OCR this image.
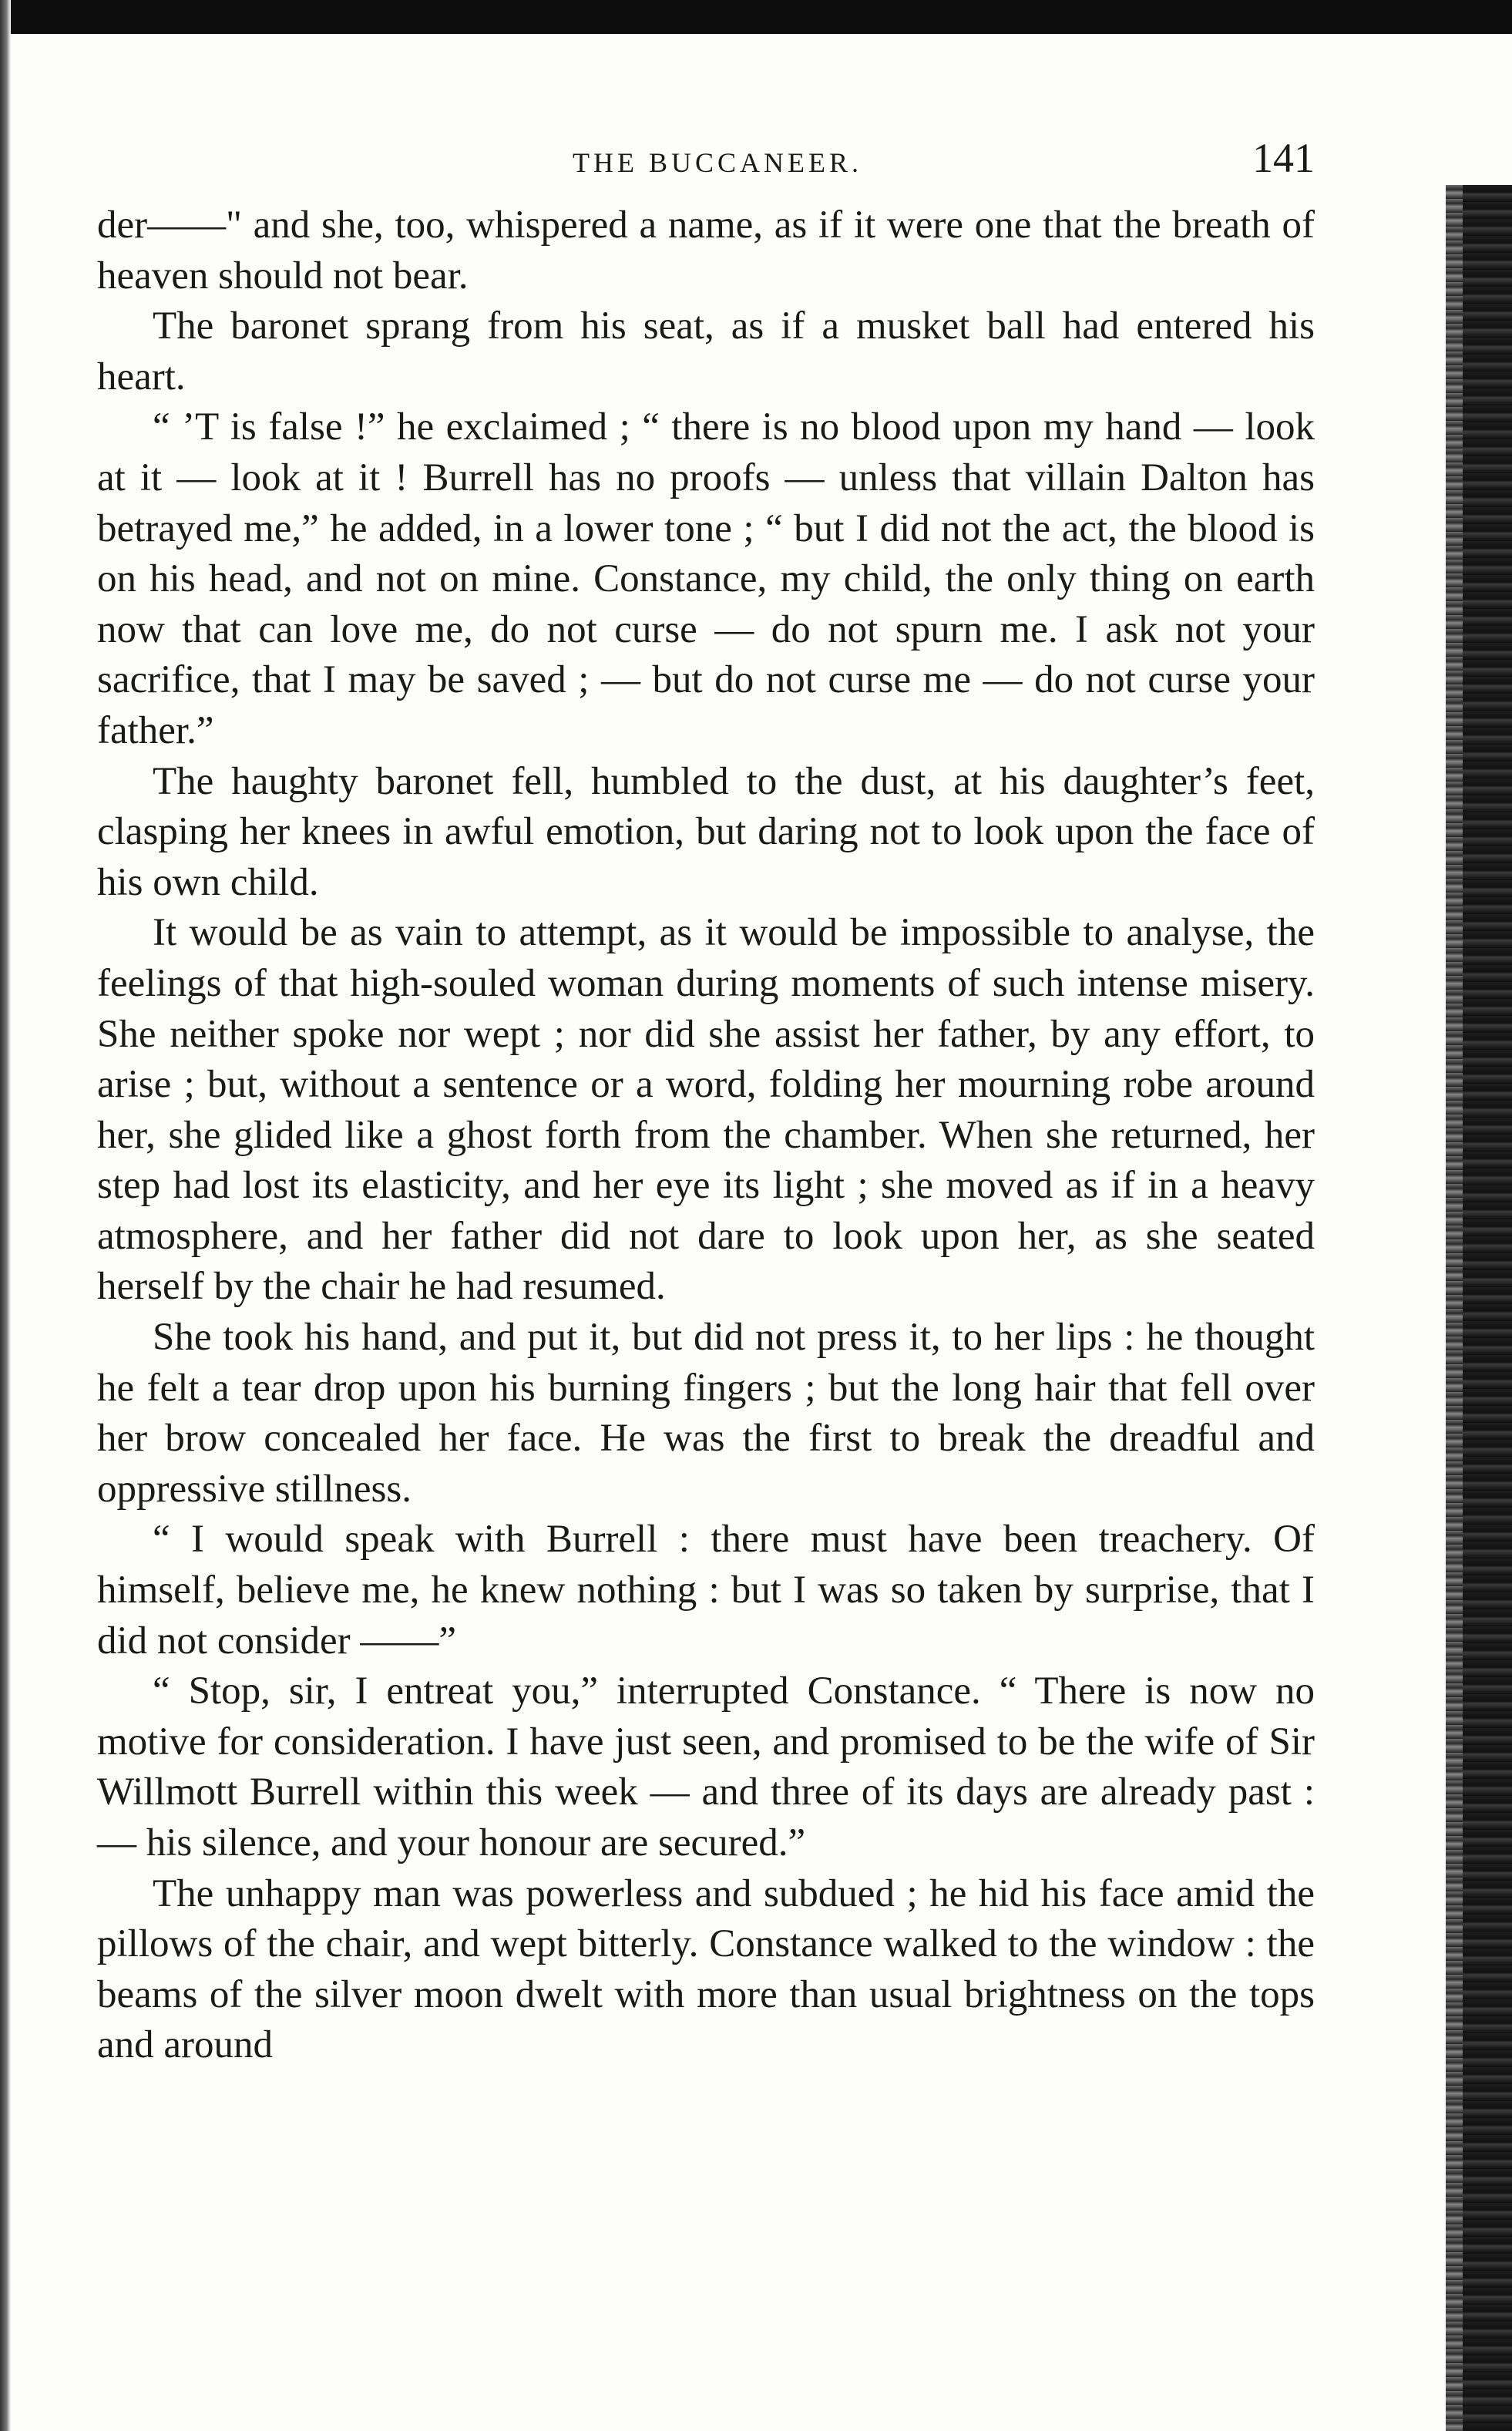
THE BUCCANEER.	141

der——" and she, too, whispered a name, as if it were one that the breath of heaven should not bear.

The baronet sprang from his seat, as if a musket ball had entered his heart.

“ ’T is false !” he exclaimed ; “ there is no blood upon my hand — look at it — look at it ! Burrell has no proofs — unless that villain Dalton has betrayed me,” he added, in a lower tone ; “ but I did not the act, the blood is on his head, and not on mine. Constance, my child, the only thing on earth now that can love me, do not curse — do not spurn me. I ask not your sacrifice, that I may be saved ; — but do not curse me — do not curse your father.”

The haughty baronet fell, humbled to the dust, at his daughter’s feet, clasping her knees in awful emotion, but daring not to look upon the face of his own child.

It would be as vain to attempt, as it would be impossible to analyse, the feelings of that high-souled woman during moments of such intense misery. She neither spoke nor wept ; nor did she assist her father, by any effort, to arise ; but, without a sentence or a word, folding her mourning robe around her, she glided like a ghost forth from the chamber. When she returned, her step had lost its elasticity, and her eye its light ; she moved as if in a heavy atmosphere, and her father did not dare to look upon her, as she seated herself by the chair he had resumed.

She took his hand, and put it, but did not press it, to her lips : he thought he felt a tear drop upon his burning fingers ; but the long hair that fell over her brow concealed her face. He was the first to break the dreadful and oppressive stillness.

“ I would speak with Burrell : there must have been treachery. Of himself, believe me, he knew nothing : but I was so taken by surprise, that I did not consider ——”

“ Stop, sir, I entreat you,” interrupted Constance. “ There is now no motive for consideration. I have just seen, and promised to be the wife of Sir Willmott Burrell within this week — and three of its days are already past : — his silence, and your honour are secured.”

The unhappy man was powerless and subdued ; he hid his face amid the pillows of the chair, and wept bitterly. Constance walked to the window : the beams of the silver moon dwelt with more than usual brightness on the tops and around
